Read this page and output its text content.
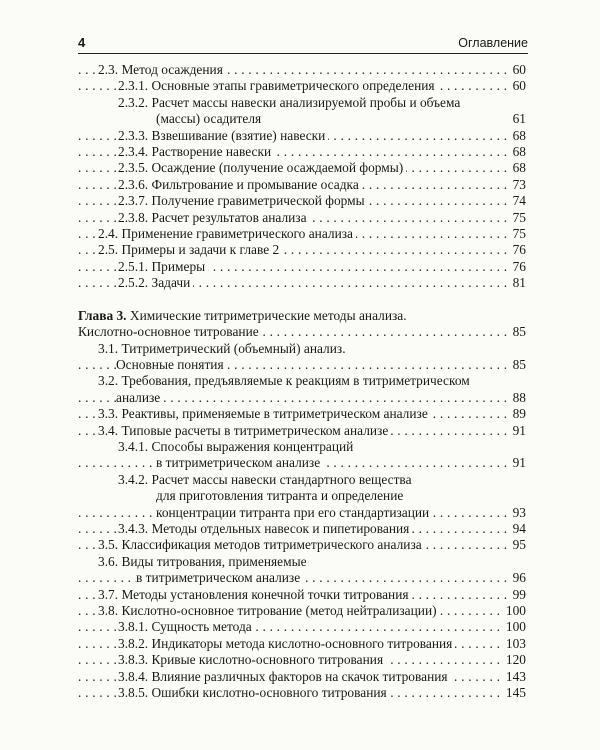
4	Оглавление
. . . 2.3. Метод осаждения	60
. . . 2.3.1. Основные этапы гравиметрического определения	60
2.3.2. Расчет массы навески анализируемой пробы и объема
(массы) осадителя	61
. . . 2.3.3. Взвешивание (взятие) навески	68
. . . 2.3.4. Растворение навески	68
. . . 2.3.5. Осаждение (получение осаждаемой формы)	68
. . . 2.3.6. Фильтрование и промывание осадка	73
. . . 2.3.7. Получение гравиметрической формы	74
. . . 2.3.8. Расчет результатов анализа	75
. . . 2.4. Применение гравиметрического анализа	75
. . . 2.5. Примеры и задачи к главе 2	76
. . . 2.5.1. Примеры	76
. . . 2.5.2. Задачи	81
Глава 3. Химические титриметрические методы анализа.
. . . Кислотно-основное титрование	85
3.1. Титриметрический (объемный) анализ.
. . . Основные понятия	85
3.2. Требования, предъявляемые к реакциям в титриметрическом
. . . анализе	88
. . . 3.3. Реактивы, применяемые в титриметрическом анализе	89
. . . 3.4. Типовые расчеты в титриметрическом анализе	91
3.4.1. Способы выражения концентраций
. . . в титриметрическом анализе	91
3.4.2. Расчет массы навески стандартного вещества
для приготовления титранта и определение
. . . концентрации титранта при его стандартизации	93
. . . 3.4.3. Методы отдельных навесок и пипетирования	94
. . . 3.5. Классификация методов титриметрического анализа	95
3.6. Виды титрования, применяемые
. . . в титриметрическом анализе	96
. . . 3.7. Методы установления конечной точки титрования	99
. . . 3.8. Кислотно-основное титрование (метод нейтрализации)	100
. . . 3.8.1. Сущность метода	100
. . . 3.8.2. Индикаторы метода кислотно-основного титрования	103
. . . 3.8.3. Кривые кислотно-основного титрования	120
. . . 3.8.4. Влияние различных факторов на скачок титрования	143
. . . 3.8.5. Ошибки кислотно-основного титрования	145
